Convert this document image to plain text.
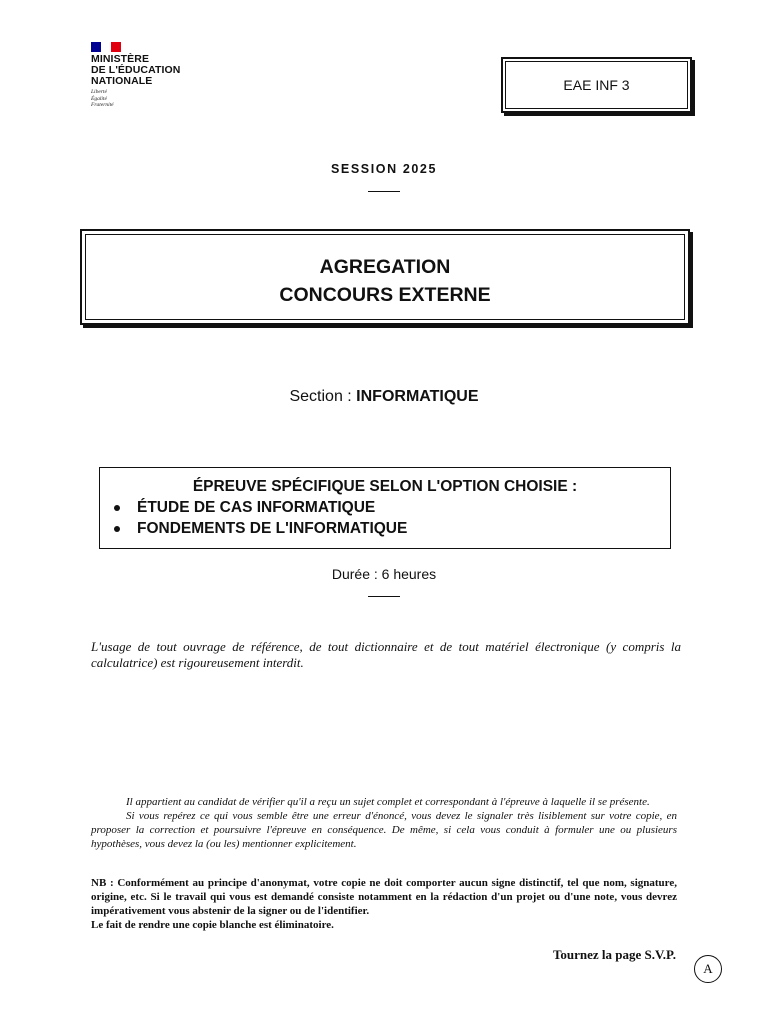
MINISTÈRE
DE L'ÉDUCATION
NATIONALE
Liberté
Égalité
Fraternité
EAE INF 3
SESSION 2025
AGREGATION
CONCOURS EXTERNE
Section : INFORMATIQUE
ÉPREUVE SPÉCIFIQUE SELON L'OPTION CHOISIE :
ÉTUDE DE CAS INFORMATIQUE
FONDEMENTS DE L'INFORMATIQUE
Durée : 6 heures
L'usage de tout ouvrage de référence, de tout dictionnaire et de tout matériel électronique (y compris la calculatrice) est rigoureusement interdit.

Il appartient au candidat de vérifier qu'il a reçu un sujet complet et correspondant à l'épreuve à laquelle il se présente.

Si vous repérez ce qui vous semble être une erreur d'énoncé, vous devez le signaler très lisiblement sur votre copie, en proposer la correction et poursuivre l'épreuve en conséquence. De même, si cela vous conduit à formuler une ou plusieurs hypothèses, vous devez la (ou les) mentionner explicitement.

NB : Conformément au principe d'anonymat, votre copie ne doit comporter aucun signe distinctif, tel que nom, signature, origine, etc. Si le travail qui vous est demandé consiste notamment en la rédaction d'un projet ou d'une note, vous devrez impérativement vous abstenir de la signer ou de l'identifier.

Le fait de rendre une copie blanche est éliminatoire.

Tournez la page S.V.P.
A
